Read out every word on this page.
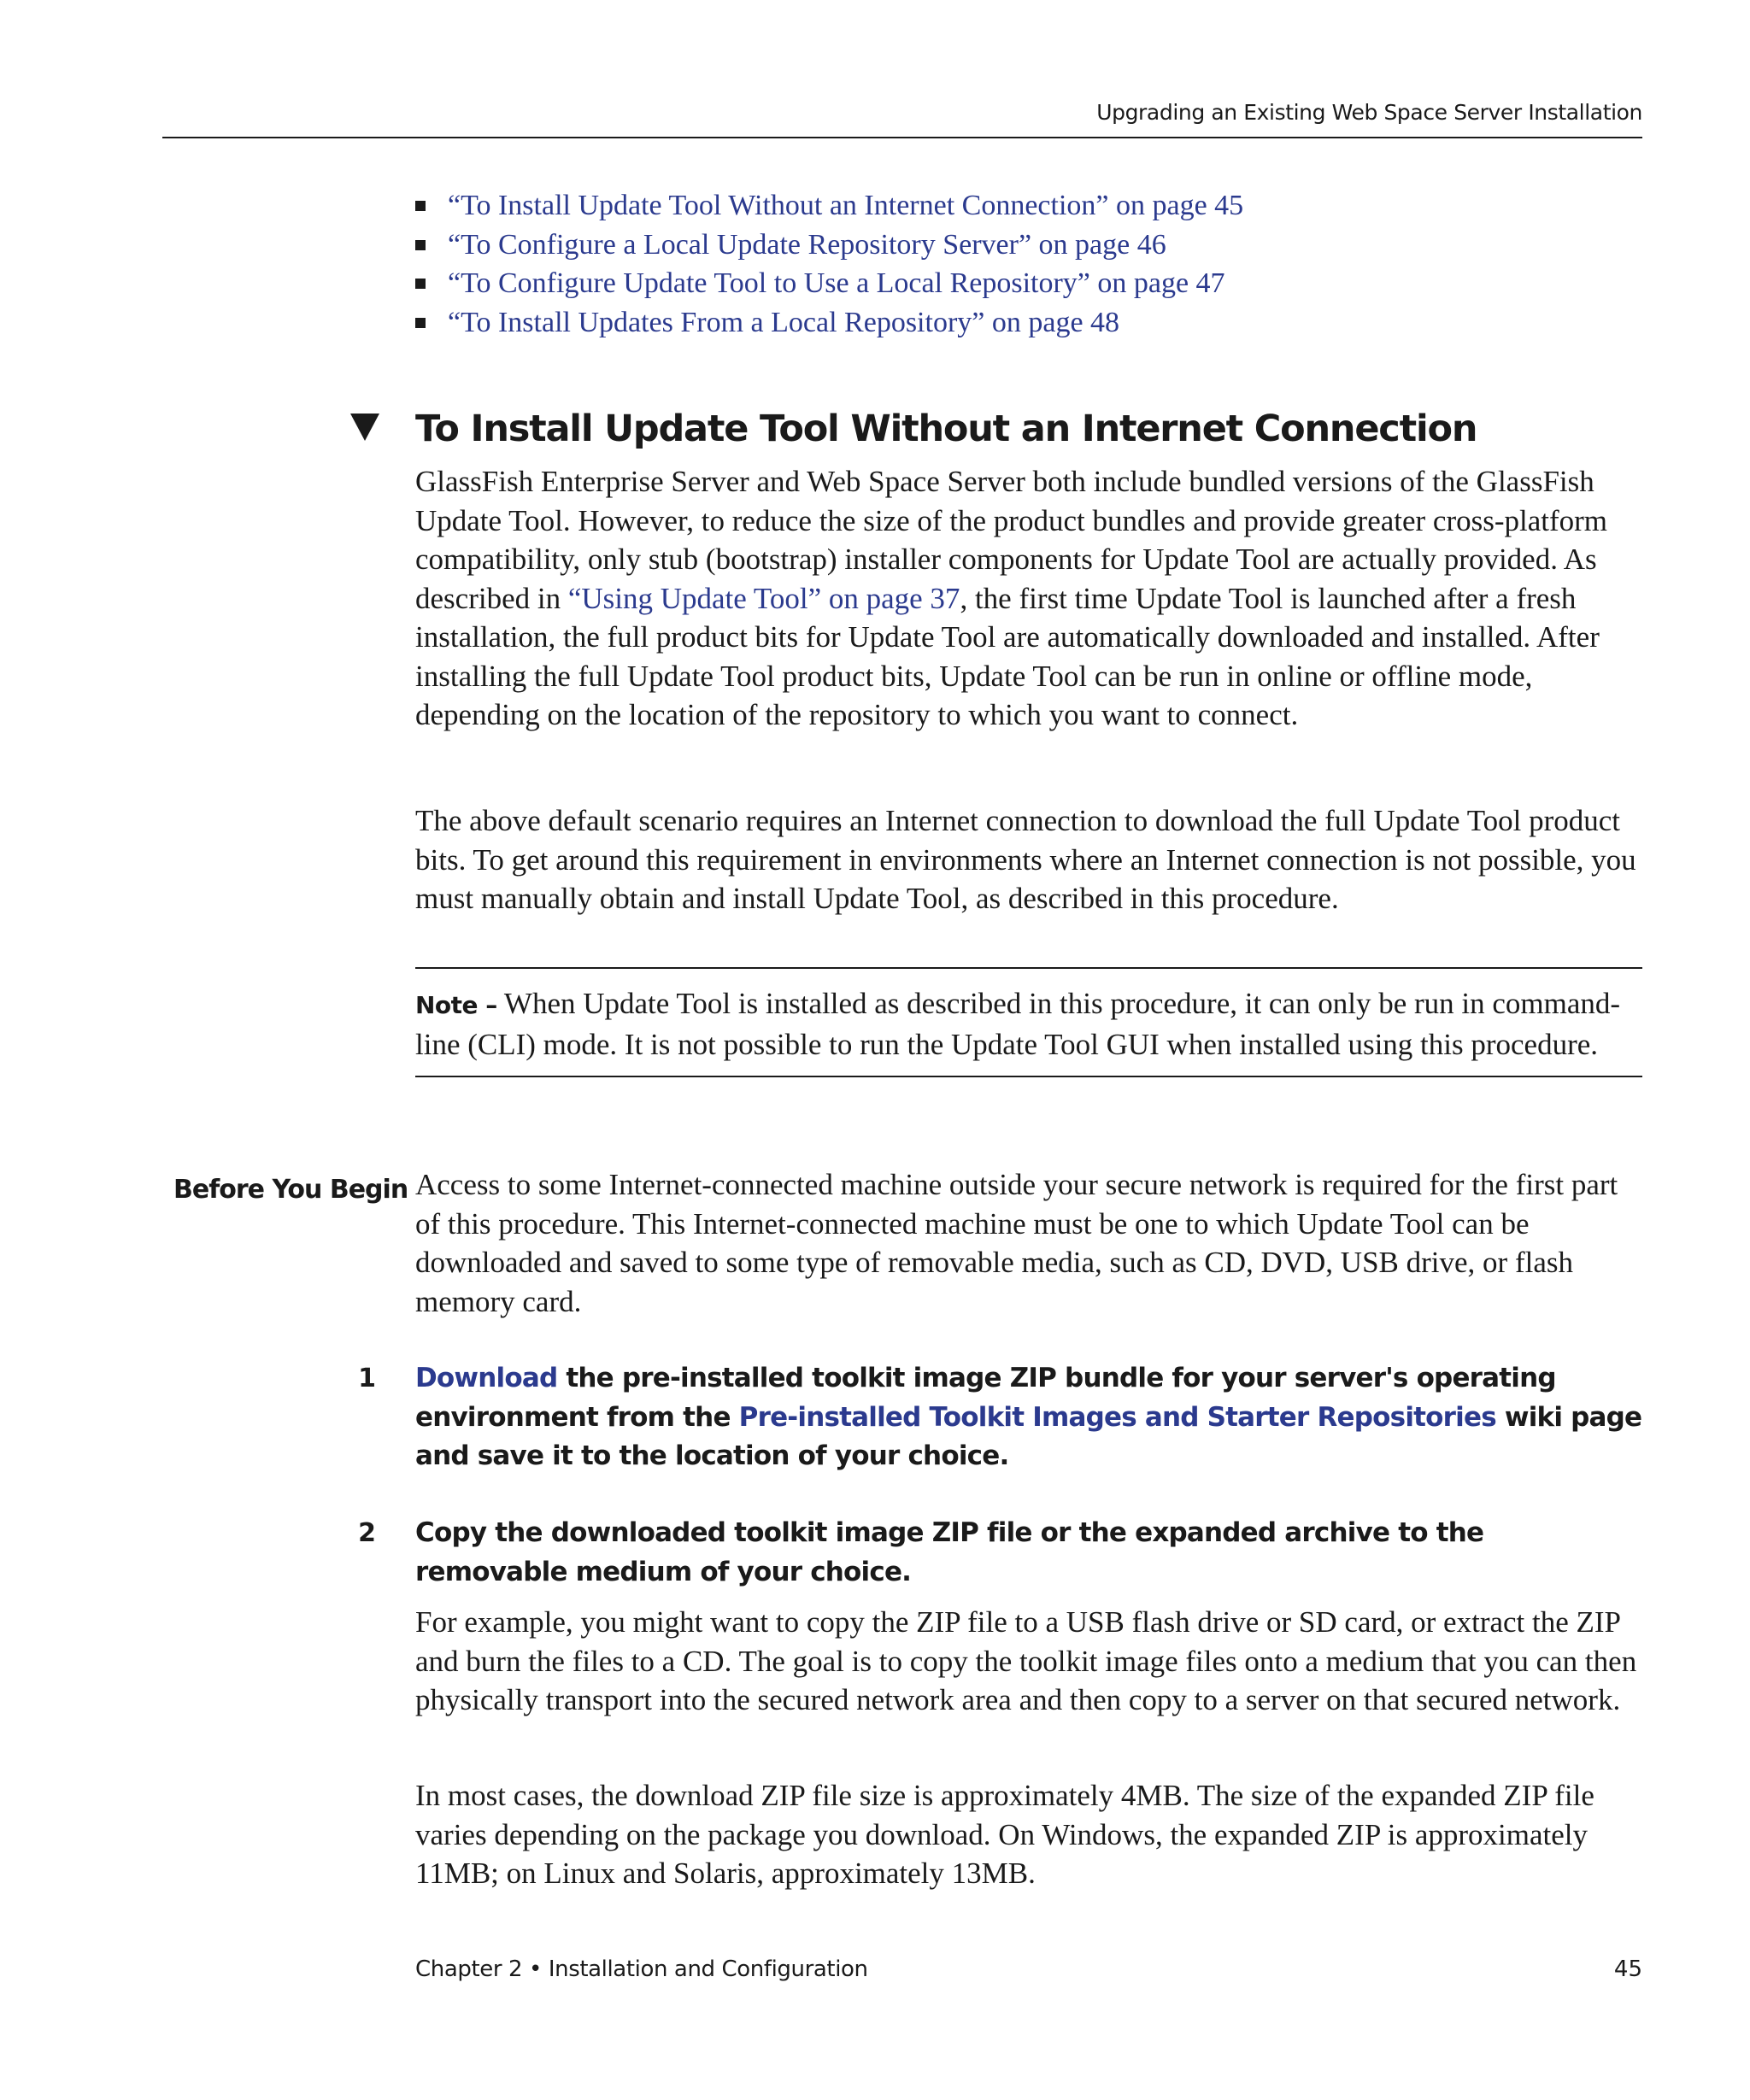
Upgrading an Existing Web Space Server Installation
“To Install Update Tool Without an Internet Connection” on page 45
“To Configure a Local Update Repository Server” on page 46
“To Configure Update Tool to Use a Local Repository” on page 47
“To Install Updates From a Local Repository” on page 48
To Install Update Tool Without an Internet Connection

GlassFish Enterprise Server and Web Space Server both include bundled versions of the GlassFish Update Tool. However, to reduce the size of the product bundles and provide greater cross-platform compatibility, only stub (bootstrap) installer components for Update Tool are actually provided. As described in “Using Update Tool” on page 37, the first time Update Tool is launched after a fresh installation, the full product bits for Update Tool are automatically downloaded and installed. After installing the full Update Tool product bits, Update Tool can be run in online or offline mode, depending on the location of the repository to which you want to connect.

The above default scenario requires an Internet connection to download the full Update Tool product bits. To get around this requirement in environments where an Internet connection is not possible, you must manually obtain and install Update Tool, as described in this procedure.

Note – When Update Tool is installed as described in this procedure, it can only be run in command-line (CLI) mode. It is not possible to run the Update Tool GUI when installed using this procedure.

Before You Begin Access to some Internet-connected machine outside your secure network is required for the first part of this procedure. This Internet-connected machine must be one to which Update Tool can be downloaded and saved to some type of removable media, such as CD, DVD, USB drive, or flash memory card.

1 Download the pre-installed toolkit image ZIP bundle for your server's operating environment from the Pre-installed Toolkit Images and Starter Repositories wiki page and save it to the location of your choice.

2 Copy the downloaded toolkit image ZIP file or the expanded archive to the removable medium of your choice.

For example, you might want to copy the ZIP file to a USB flash drive or SD card, or extract the ZIP and burn the files to a CD. The goal is to copy the toolkit image files onto a medium that you can then physically transport into the secured network area and then copy to a server on that secured network.

In most cases, the download ZIP file size is approximately 4MB. The size of the expanded ZIP file varies depending on the package you download. On Windows, the expanded ZIP is approximately 11MB; on Linux and Solaris, approximately 13MB.

Chapter 2 • Installation and Configuration	45
